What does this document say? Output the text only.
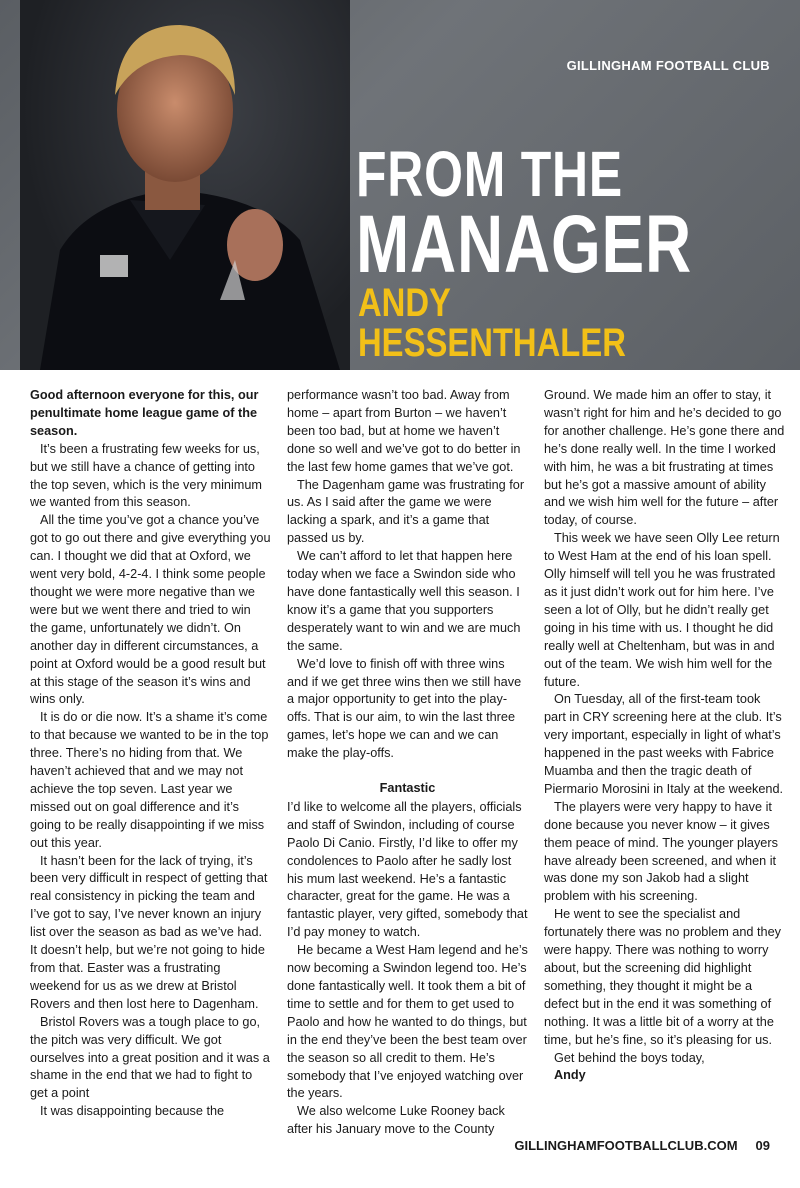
GILLINGHAM FOOTBALL CLUB
FROM THE
MANAGER
ANDY HESSENTHALER

Good afternoon everyone for this, our penultimate home league game of the season.

It’s been a frustrating few weeks for us, but we still have a chance of getting into the top seven, which is the very minimum we wanted from this season.

All the time you’ve got a chance you’ve got to go out there and give everything you can. I thought we did that at Oxford, we went very bold, 4-2-4. I think some people thought we were more negative than we were but we went there and tried to win the game, unfortunately we didn’t. On another day in different circumstances, a point at Oxford would be a good result but at this stage of the season it’s wins and wins only.

It is do or die now. It’s a shame it’s come to that because we wanted to be in the top three. There’s no hiding from that. We haven’t achieved that and we may not achieve the top seven. Last year we missed out on goal difference and it’s going to be really disappointing if we miss out this year.

It hasn’t been for the lack of trying, it’s been very difficult in respect of getting that real consistency in picking the team and I’ve got to say, I’ve never known an injury list over the season as bad as we’ve had. It doesn’t help, but we’re not going to hide from that. Easter was a frustrating weekend for us as we drew at Bristol Rovers and then lost here to Dagenham.

Bristol Rovers was a tough place to go, the pitch was very difficult. We got ourselves into a great position and it was a shame in the end that we had to fight to get a point

It was disappointing because the

performance wasn’t too bad. Away from home – apart from Burton – we haven’t been too bad, but at home we haven’t done so well and we’ve got to do better in the last few home games that we’ve got.

The Dagenham game was frustrating for us. As I said after the game we were lacking a spark, and it’s a game that passed us by.

We can’t afford to let that happen here today when we face a Swindon side who have done fantastically well this season. I know it’s a game that you supporters desperately want to win and we are much the same.

We’d love to finish off with three wins and if we get three wins then we still have a major opportunity to get into the play-offs. That is our aim, to win the last three games, let’s hope we can and we can make the play-offs.

Fantastic

I’d like to welcome all the players, officials and staff of Swindon, including of course Paolo Di Canio. Firstly, I’d like to offer my condolences to Paolo after he sadly lost his mum last weekend. He’s a fantastic character, great for the game. He was a fantastic player, very gifted, somebody that I’d pay money to watch.

He became a West Ham legend and he’s now becoming a Swindon legend too. He’s done fantastically well. It took them a bit of time to settle and for them to get used to Paolo and how he wanted to do things, but in the end they’ve been the best team over the season so all credit to them. He’s somebody that I’ve enjoyed watching over the years.

We also welcome Luke Rooney back after his January move to the County

Ground. We made him an offer to stay, it wasn’t right for him and he’s decided to go for another challenge. He’s gone there and he’s done really well. In the time I worked with him, he was a bit frustrating at times but he’s got a massive amount of ability and we wish him well for the future – after today, of course.

This week we have seen Olly Lee return to West Ham at the end of his loan spell. Olly himself will tell you he was frustrated as it just didn’t work out for him here. I’ve seen a lot of Olly, but he didn’t really get going in his time with us. I thought he did really well at Cheltenham, but was in and out of the team. We wish him well for the future.

On Tuesday, all of the first-team took part in CRY screening here at the club. It’s very important, especially in light of what’s happened in the past weeks with Fabrice Muamba and then the tragic death of Piermario Morosini in Italy at the weekend.

The players were very happy to have it done because you never know – it gives them peace of mind. The younger players have already been screened, and when it was done my son Jakob had a slight problem with his screening.

He went to see the specialist and fortunately there was no problem and they were happy. There was nothing to worry about, but the screening did highlight something, they thought it might be a defect but in the end it was something of nothing. It was a little bit of a worry at the time, but he’s fine, so it’s pleasing for us.

Get behind the boys today,

Andy

GILLINGHAMFOOTBALLCLUB.COM 09
